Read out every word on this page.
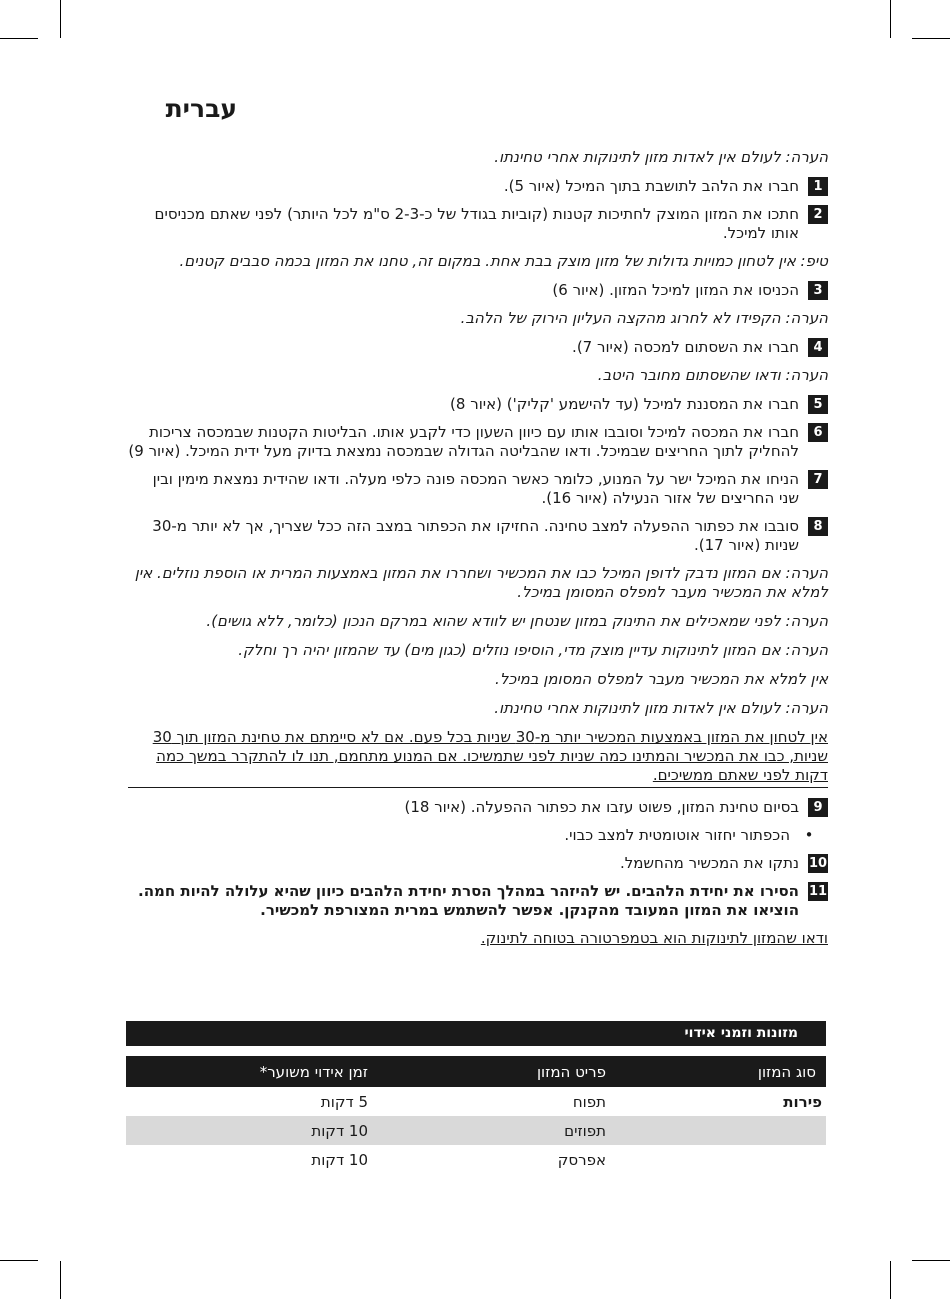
עברית

הערה: לעולם אין לאדות מזון לתינוקות אחרי טחינתו.

1
חברו את הלהב לתושבת בתוך המיכל (איור 5).
2
חתכו את המזון המוצק לחתיכות קטנות (קוביות בגודל של כ-2-3 ס"מ לכל היותר) לפני שאתם מכניסים אותו למיכל.

טיפ: אין לטחון כמויות גדולות של מזון מוצק בבת אחת. במקום זה, טחנו את המזון בכמה סבבים קטנים.

3
הכניסו את המזון למיכל המזון. (איור 6)

הערה: הקפידו לא לחרוג מהקצה העליון הירוק של הלהב.

4
חברו את השסתום למכסה (איור 7).

הערה: ודאו שהשסתום מחובר היטב.

5
חברו את המסננת למיכל (עד להישמע 'קליק') (איור 8)
6
חברו את המכסה למיכל וסובבו אותו עם כיוון השעון כדי לקבע אותו. הבליטות הקטנות שבמכסה צריכות להחליק לתוך החריצים שבמיכל. ודאו שהבליטה הגדולה שבמכסה נמצאת בדיוק מעל ידית המיכל. (איור 9)
7
הניחו את המיכל ישר על המנוע, כלומר כאשר המכסה פונה כלפי מעלה. ודאו שהידית נמצאת מימין ובין שני החריצים של אזור הנעילה (איור 16).
8
סובבו את כפתור ההפעלה למצב טחינה. החזיקו את הכפתור במצב הזה ככל שצריך, אך לא יותר מ-30 שניות (איור 17).

הערה: אם המזון נדבק לדופן המיכל כבו את המכשיר ושחררו את המזון באמצעות המרית או הוספת נוזלים. אין למלא את המכשיר מעבר למפלס המסומן במיכל.

הערה: לפני שמאכילים את התינוק במזון שנטחן יש לוודא שהוא במרקם הנכון (כלומר, ללא גושים).

הערה: אם המזון לתינוקות עדיין מוצק מדי, הוסיפו נוזלים (כגון מים) עד שהמזון יהיה רך וחלק.

אין למלא את המכשיר מעבר למפלס המסומן במיכל.

הערה: לעולם אין לאדות מזון לתינוקות אחרי טחינתו.

אין לטחון את המזון באמצעות המכשיר יותר מ-30 שניות בכל פעם. אם לא סיימתם את טחינת המזון תוך 30 שניות, כבו את המכשיר והמתינו כמה שניות לפני שתמשיכו. אם המנוע מתחמם, תנו לו להתקרר במשך כמה דקות לפני שאתם ממשיכים.

9
בסיום טחינת המזון, פשוט עזבו את כפתור ההפעלה. (איור 18)
•
הכפתור יחזור אוטומטית למצב כבוי.
10
נתקו את המכשיר מהחשמל.
11
הסירו את יחידת הלהבים. יש להיזהר במהלך הסרת יחידת הלהבים כיוון שהיא עלולה להיות חמה. הוציאו את המזון המעובד מהקנקן. אפשר להשתמש במרית המצורפת למכשיר.

ודאו שהמזון לתינוקות הוא בטמפרטורה בטוחה לתינוק.

מזונות וזמני אידוי
סוג המזון	פריט המזון	זמן אידוי משוער*

פירות	תפוח	5 דקות

	תפוזים	10 דקות

	אפרסק	10 דקות
